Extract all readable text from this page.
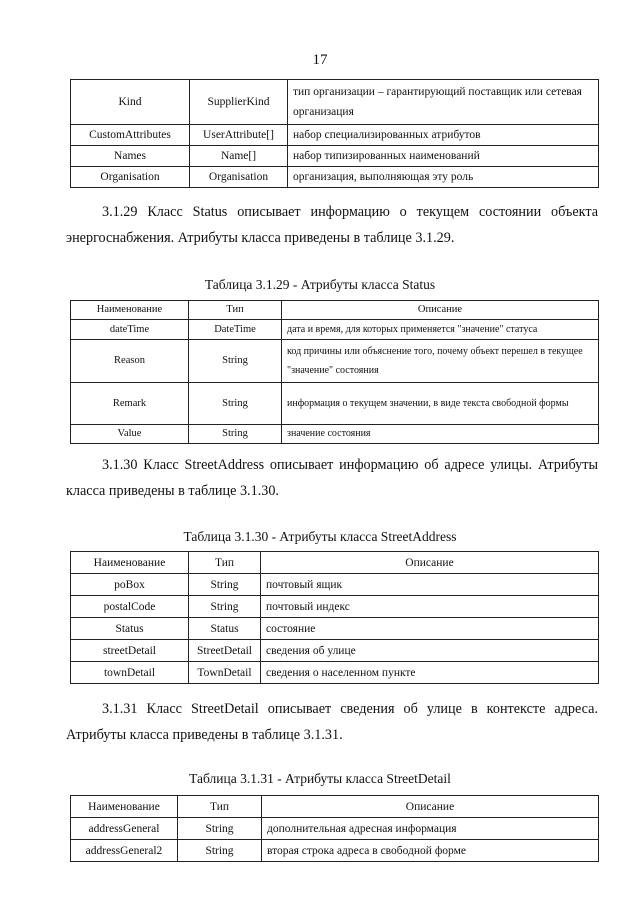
17
Kind	SupplierKind	тип организации – гарантирующий поставщик или сетевая организация
CustomAttributes	UserAttribute[]	набор специализированных атрибутов
Names	Name[]	набор типизированных наименований
Organisation	Organisation	организация, выполняющая эту роль
3.1.29 Класс Status описывает информацию о текущем состоянии объекта энергоснабжения. Атрибуты класса приведены в таблице 3.1.29.
Таблица 3.1.29 - Атрибуты класса Status
Наименование	Тип	Описание
dateTime	DateTime	дата и время, для которых применяется "значение" статуса
Reason	String	код причины или объяснение того, почему объект перешел в текущее "значение" состояния
Remark	String	информация о текущем значении, в виде текста свободной формы
Value	String	значение состояния
3.1.30 Класс StreetAddress описывает информацию об адресе улицы. Атрибуты класса приведены в таблице 3.1.30.
Таблица 3.1.30 - Атрибуты класса StreetAddress
Наименование	Тип	Описание
poBox	String	почтовый ящик
postalCode	String	почтовый индекс
Status	Status	состояние
streetDetail	StreetDetail	сведения об улице
townDetail	TownDetail	сведения о населенном пункте
3.1.31 Класс StreetDetail описывает сведения об улице в контексте адреса. Атрибуты класса приведены в таблице 3.1.31.
Таблица 3.1.31 - Атрибуты класса StreetDetail
Наименование	Тип	Описание
addressGeneral	String	дополнительная адресная информация
addressGeneral2	String	вторая строка адреса в свободной форме
